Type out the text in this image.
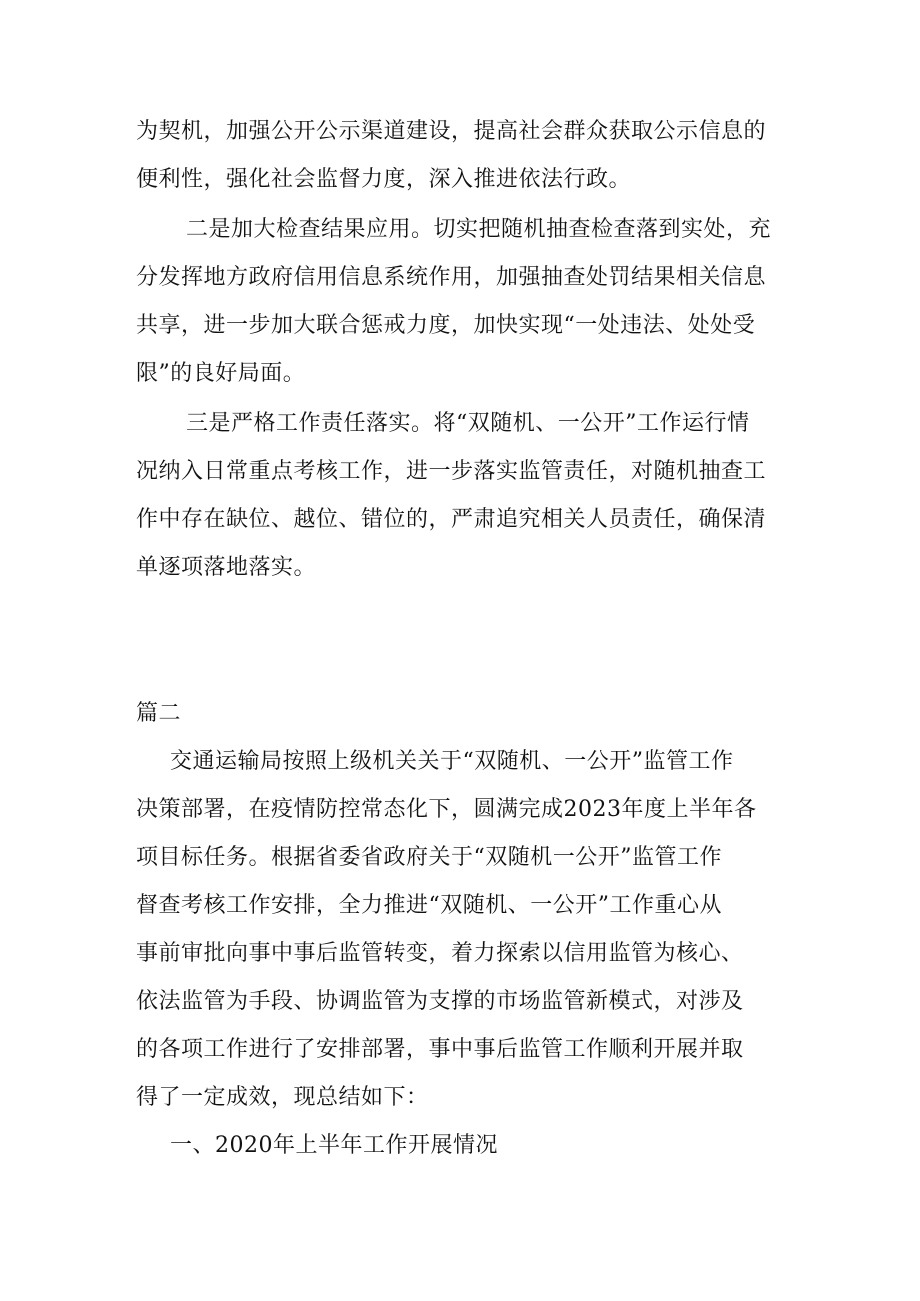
为契机，加强公开公示渠道建设，提高社会群众获取公示信息的
便利性，强化社会监督力度，深入推进依法行政。
二是加大检查结果应用。切实把随机抽查检查落到实处，充
分发挥地方政府信用信息系统作用，加强抽查处罚结果相关信息
共享，进一步加大联合惩戒力度，加快实现“一处违法、处处受
限”的良好局面。
三是严格工作责任落实。将“双随机、一公开”工作运行情
况纳入日常重点考核工作，进一步落实监管责任，对随机抽查工
作中存在缺位、越位、错位的，严肃追究相关人员责任，确保清
单逐项落地落实。
篇二
交通运输局按照上级机关关于“双随机、一公开”监管工作
决策部署，在疫情防控常态化下，圆满完成2023年度上半年各
项目标任务。根据省委省政府关于“双随机一公开”监管工作
督查考核工作安排，全力推进“双随机、一公开”工作重心从
事前审批向事中事后监管转变，着力探索以信用监管为核心、
依法监管为手段、协调监管为支撑的市场监管新模式，对涉及
的各项工作进行了安排部署，事中事后监管工作顺利开展并取
得了一定成效，现总结如下：
一、2020年上半年工作开展情况
